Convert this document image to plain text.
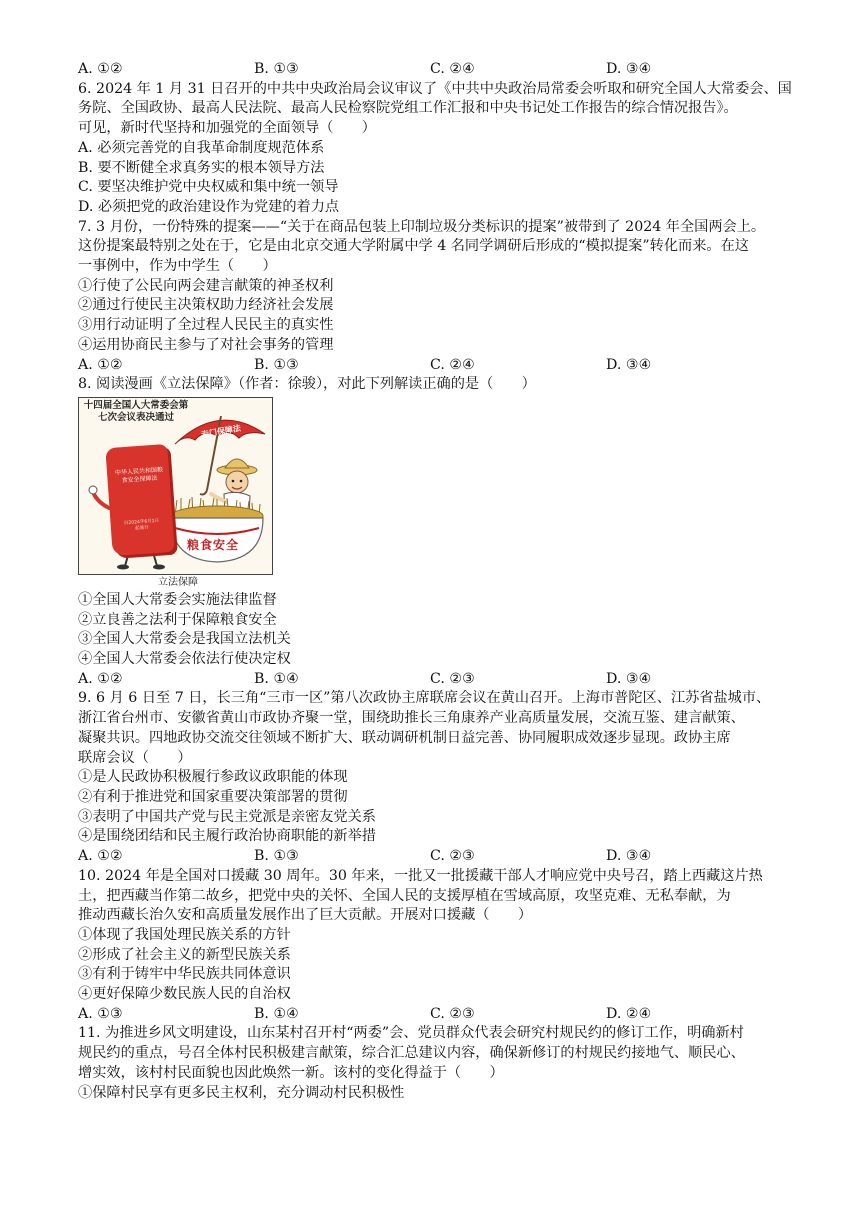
A. ①②	B. ①③	C. ②④	D. ③④
6. 2024 年 1 月 31 日召开的中共中央政治局会议审议了《中共中央政治局常委会听取和研究全国人大常委会、国
务院、全国政协、最高人民法院、最高人民检察院党组工作汇报和中央书记处工作报告的综合情况报告》。
可见，新时代坚持和加强党的全面领导（　　）
A. 必须完善党的自我革命制度规范体系
B. 要不断健全求真务实的根本领导方法
C. 要坚决维护党中央权威和集中统一领导
D. 必须把党的政治建设作为党建的着力点
7. 3 月份，一份特殊的提案——“关于在商品包装上印制垃圾分类标识的提案”被带到了 2024 年全国两会上。
这份提案最特别之处在于，它是由北京交通大学附属中学 4 名同学调研后形成的“模拟提案”转化而来。在这
一事例中，作为中学生（　　）
①行使了公民向两会建言献策的神圣权利
②通过行使民主决策权助力经济社会发展
③用行动证明了全过程人民民主的真实性
④运用协商民主参与了对社会事务的管理
A. ①②	B. ①③	C. ②④	D. ③④
8. 阅读漫画《立法保障》（作者：徐骏），对此下列解读正确的是（　　）
十四届全国人大常委会第七次会议表决通过
中华人民共和国粮食安全保障法
自2024年6月1日起施行
专门保障法
粮食安全
立法保障
①全国人大常委会实施法律监督
②立良善之法利于保障粮食安全
③全国人大常委会是我国立法机关
④全国人大常委会依法行使决定权
A. ①②	B. ①④	C. ②③	D. ③④
9. 6 月 6 日至 7 日，长三角“三市一区”第八次政协主席联席会议在黄山召开。上海市普陀区、江苏省盐城市、
浙江省台州市、安徽省黄山市政协齐聚一堂，围绕助推长三角康养产业高质量发展，交流互鉴、建言献策、
凝聚共识。四地政协交流交往领域不断扩大、联动调研机制日益完善、协同履职成效逐步显现。政协主席
联席会议（　　）
①是人民政协积极履行参政议政职能的体现
②有利于推进党和国家重要决策部署的贯彻
③表明了中国共产党与民主党派是亲密友党关系
④是围绕团结和民主履行政治协商职能的新举措
A. ①②	B. ①③	C. ②③	D. ③④
10. 2024 年是全国对口援藏 30 周年。30 年来，一批又一批援藏干部人才响应党中央号召，踏上西藏这片热
土，把西藏当作第二故乡，把党中央的关怀、全国人民的支援厚植在雪域高原，攻坚克难、无私奉献，为
推动西藏长治久安和高质量发展作出了巨大贡献。开展对口援藏（　　）
①体现了我国处理民族关系的方针
②形成了社会主义的新型民族关系
③有利于铸牢中华民族共同体意识
④更好保障少数民族人民的自治权
A. ①③	B. ①④	C. ②③	D. ②④
11. 为推进乡风文明建设，山东某村召开村“两委”会、党员群众代表会研究村规民约的修订工作，明确新村
规民约的重点，号召全体村民积极建言献策，综合汇总建议内容，确保新修订的村规民约接地气、顺民心、
增实效，该村村民面貌也因此焕然一新。该村的变化得益于（　　）
①保障村民享有更多民主权利，充分调动村民积极性
